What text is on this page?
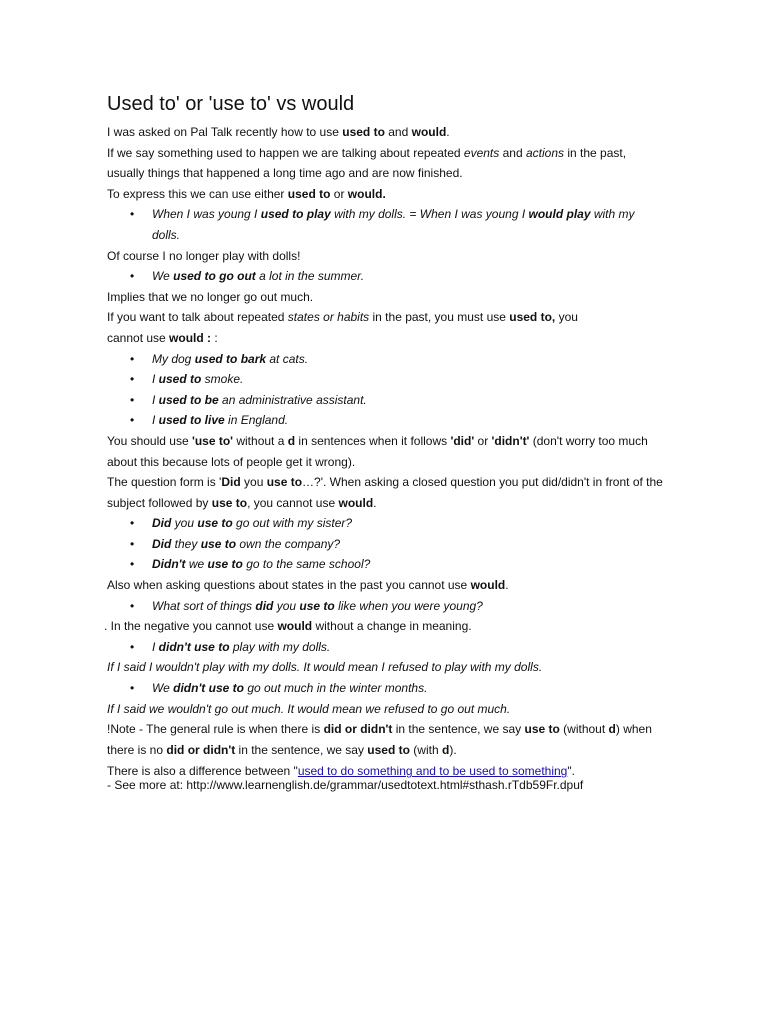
Used to' or 'use to' vs would

I was asked on Pal Talk recently how to use used to and would.

If we say something used to happen we are talking about repeated events and actions in the past, usually things that happened a long time ago and are now finished.

To express this we can use either used to or would.

• When I was young I used to play with my dolls. = When I was young I would play with my dolls.

Of course I no longer play with dolls!

• We used to go out a lot in the summer.

Implies that we no longer go out much.

If you want to talk about repeated states or habits in the past, you must use used to, you cannot use would : :

• My dog used to bark at cats.
• I used to smoke.
• I used to be an administrative assistant.
• I used to live in England.

You should use 'use to' without a d in sentences when it follows 'did' or 'didn't' (don't worry too much about this because lots of people get it wrong).

The question form is 'Did you use to…?'. When asking a closed question you put did/didn't in front of the subject followed by use to, you cannot use would.

• Did you use to go out with my sister?
• Did they use to own the company?
• Didn't we use to go to the same school?

Also when asking questions about states in the past you cannot use would.

• What sort of things did you use to like when you were young?

. In the negative you cannot use would without a change in meaning.

• I didn't use to play with my dolls.

If I said I wouldn't play with my dolls. It would mean I refused to play with my dolls.

• We didn't use to go out much in the winter months.

If I said we wouldn't go out much. It would mean we refused to go out much.

!Note - The general rule is when there is did or didn't in the sentence, we say use to (without d) when there is no did or didn't in the sentence, we say used to (with d).

There is also a difference between "used to do something and to be used to something".

- See more at: http://www.learnenglish.de/grammar/usedtotext.html#sthash.rTdb59Fr.dpuf
